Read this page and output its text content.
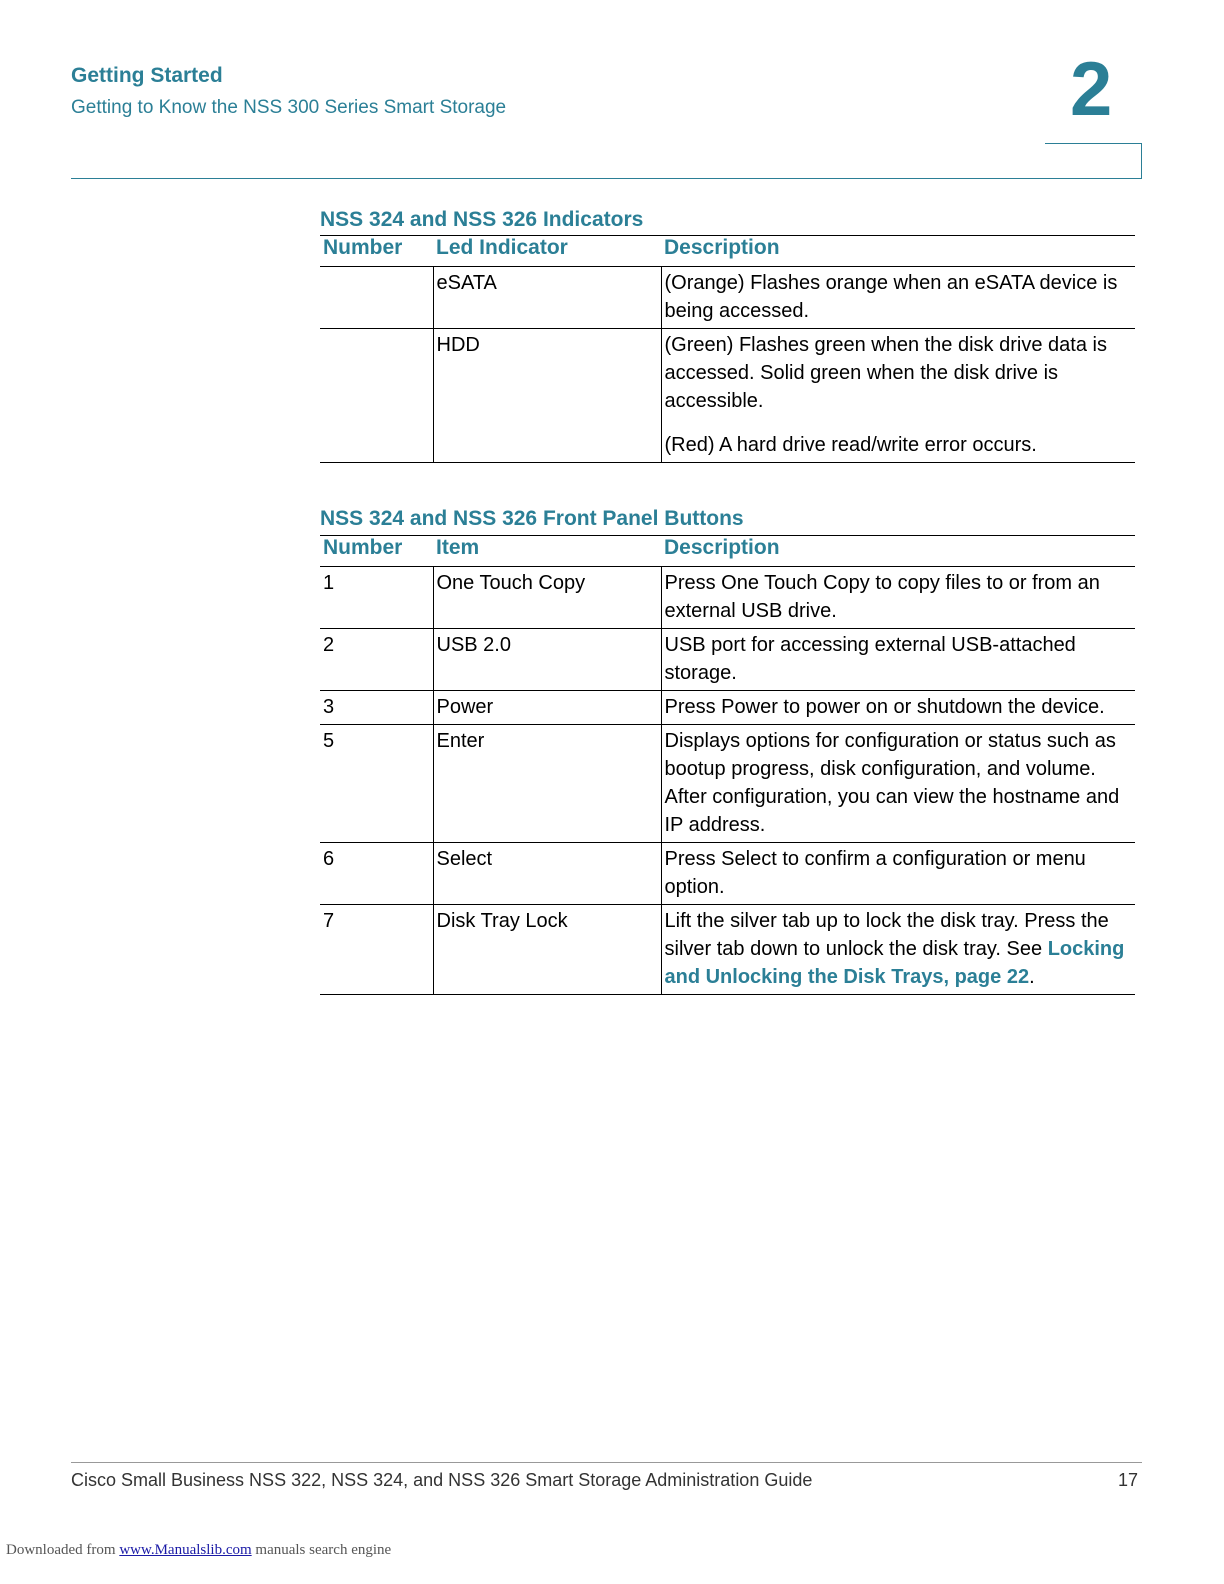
Getting Started
Getting to Know the NSS 300 Series Smart Storage	2
NSS 324 and NSS 326 Indicators
Number	Led Indicator	Description
	eSATA	(Orange) Flashes orange when an eSATA device is being accessed.
	HDD	(Green) Flashes green when the disk drive data is accessed. Solid green when the disk drive is accessible.
(Red) A hard drive read/write error occurs.
NSS 324 and NSS 326 Front Panel Buttons
Number	Item	Description
1	One Touch Copy	Press One Touch Copy to copy files to or from an external USB drive.
2	USB 2.0	USB port for accessing external USB-attached storage.
3	Power	Press Power to power on or shutdown the device.
5	Enter	Displays options for configuration or status such as bootup progress, disk configuration, and volume. After configuration, you can view the hostname and IP address.
6	Select	Press Select to confirm a configuration or menu option.
7	Disk Tray Lock	Lift the silver tab up to lock the disk tray. Press the silver tab down to unlock the disk tray. See Locking and Unlocking the Disk Trays, page 22.
Cisco Small Business NSS 322, NSS 324, and NSS 326 Smart Storage Administration Guide	17
Downloaded from www.Manualslib.com manuals search engine
